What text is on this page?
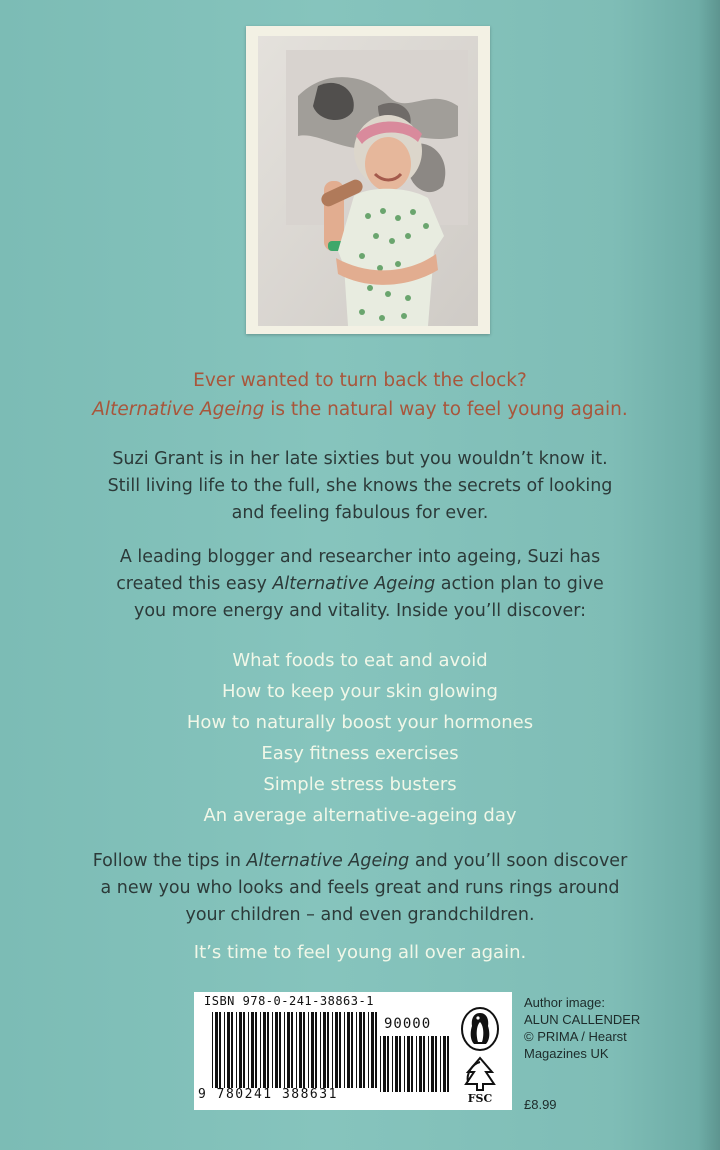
Ever wanted to turn back the clock?
Alternative Ageing is the natural way to feel young again.
Suzi Grant is in her late sixties but you wouldn’t know it.
Still living life to the full, she knows the secrets of looking
and feeling fabulous for ever.
A leading blogger and researcher into ageing, Suzi has
created this easy Alternative Ageing action plan to give
you more energy and vitality. Inside you’ll discover:
What foods to eat and avoid
How to keep your skin glowing
How to naturally boost your hormones
Easy fitness exercises
Simple stress busters
An average alternative-ageing day
Follow the tips in Alternative Ageing and you’ll soon discover
a new you who looks and feels great and runs rings around
your children – and even grandchildren.
It’s time to feel young all over again.
ISBN 978-0-241-38863-1
90000
9 780241 388631	FSC
Author image:
ALUN CALLENDER
© PRIMA / Hearst
Magazines UK
£8.99
